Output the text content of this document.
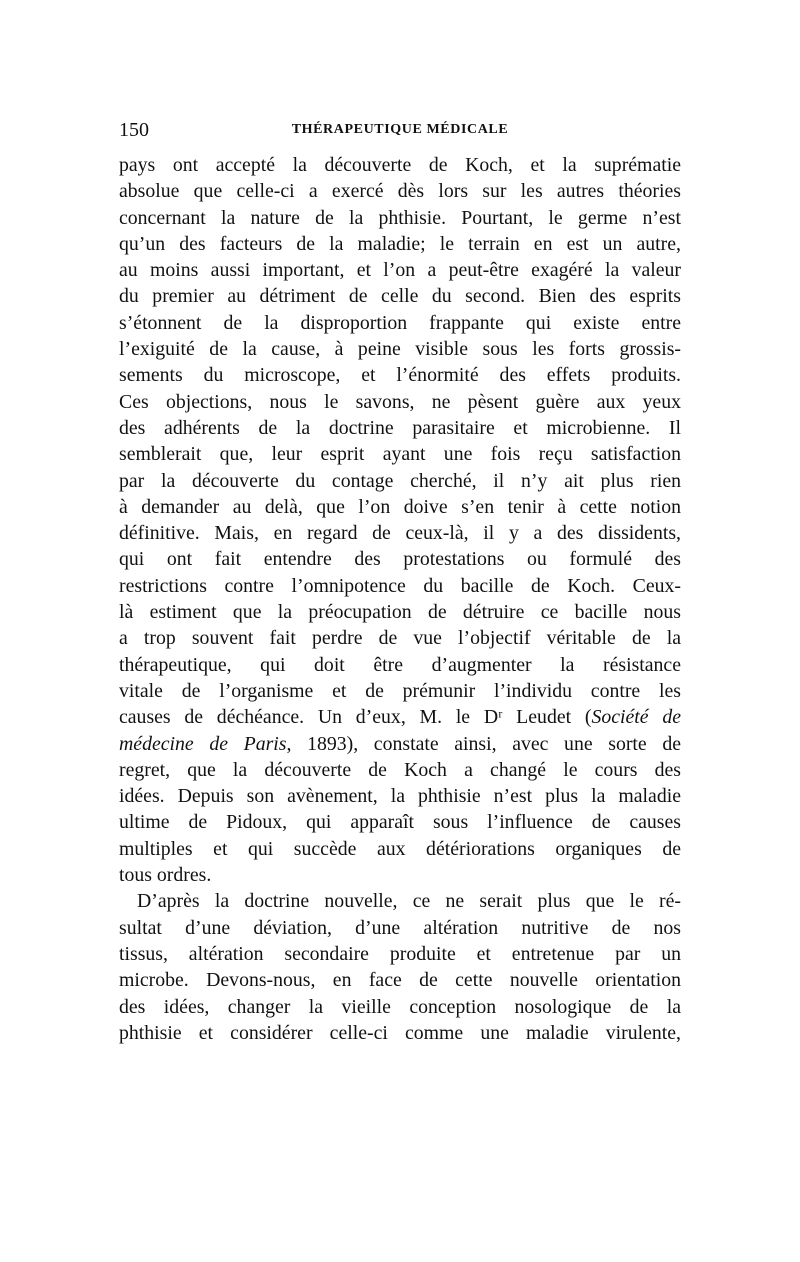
150	THÉRAPEUTIQUE MÉDICALE
pays ont accepté la découverte de Koch, et la suprématie
absolue que celle-ci a exercé dès lors sur les autres théories
concernant la nature de la phthisie. Pourtant, le germe n’est
qu’un des facteurs de la maladie; le terrain en est un autre,
au moins aussi important, et l’on a peut-être exagéré la valeur
du premier au détriment de celle du second. Bien des esprits
s’étonnent de la disproportion frappante qui existe entre
l’exiguité de la cause, à peine visible sous les forts grossis-
sements du microscope, et l’énormité des effets produits.
Ces objections, nous le savons, ne pèsent guère aux yeux
des adhérents de la doctrine parasitaire et microbienne. Il
semblerait que, leur esprit ayant une fois reçu satisfaction
par la découverte du contage cherché, il n’y ait plus rien
à demander au delà, que l’on doive s’en tenir à cette notion
définitive. Mais, en regard de ceux-là, il y a des dissidents,
qui ont fait entendre des protestations ou formulé des
restrictions contre l’omnipotence du bacille de Koch. Ceux-
là estiment que la préocupation de détruire ce bacille nous
a trop souvent fait perdre de vue l’objectif véritable de la
thérapeutique, qui doit être d’augmenter la résistance
vitale de l’organisme et de prémunir l’individu contre les
causes de déchéance. Un d’eux, M. le Dʳ Leudet (Société de
médecine de Paris, 1893), constate ainsi, avec une sorte de
regret, que la découverte de Koch a changé le cours des
idées. Depuis son avènement, la phthisie n’est plus la maladie
ultime de Pidoux, qui apparaît sous l’influence de causes
multiples et qui succède aux détériorations organiques de
tous ordres.
D’après la doctrine nouvelle, ce ne serait plus que le ré-
sultat d’une déviation, d’une altération nutritive de nos
tissus, altération secondaire produite et entretenue par un
microbe. Devons-nous, en face de cette nouvelle orientation
des idées, changer la vieille conception nosologique de la
phthisie et considérer celle-ci comme une maladie virulente,
